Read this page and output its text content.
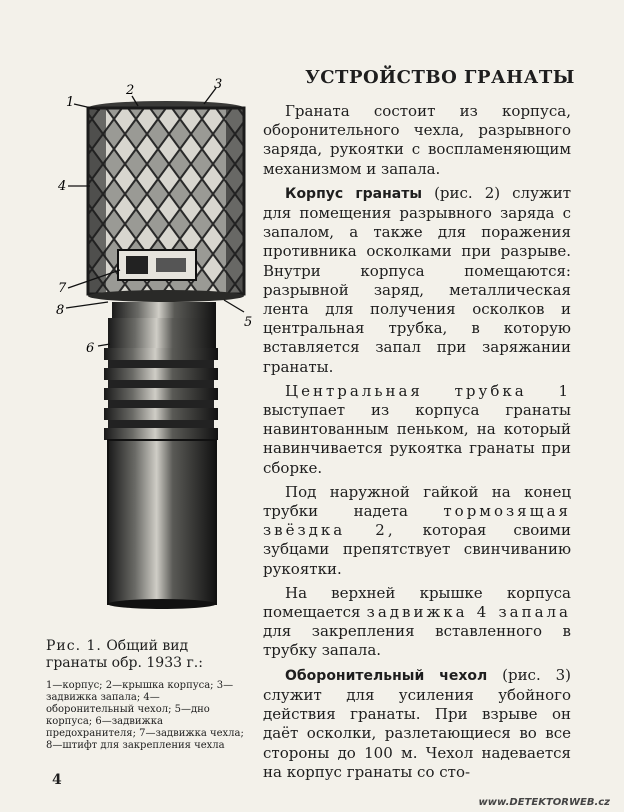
1
2	3
4
5
6
7
8
Рис. 1. Общий вид гранаты обр. 1933 г.:
1—корпус; 2—крышка корпуса; 3—задвижка запала; 4—оборонительный чехол; 5—дно корпуса; 6—задвижка предохранителя; 7—задвижка чехла; 8—штифт для закрепления чехла
4
УСТРОЙСТВО ГРАНАТЫ

Граната состоит из корпуса, оборонительного чехла, разрывного заряда, рукоятки с воспламеняющим механизмом и запала.

Корпус гранаты (рис. 2) служит для помещения разрывного заряда с запалом, а также для поражения противника осколками при разрыве. Внутри корпуса помещаются: разрывной заряд, металлическая лента для получения осколков и центральная трубка, в которую вставляется запал при заряжании гранаты.

Центральная трубка 1 выступает из корпуса гранаты навинтованным пеньком, на который навинчивается рукоятка гранаты при сборке.

Под наружной гайкой на конец трубки надета тормозящая звёздка 2, которая своими зубцами препятствует свинчиванию рукоятки.

На верхней крышке корпуса помещается задвижка 4 запала для закрепления вставленного в трубку запала.

Оборонительный чехол (рис. 3) служит для усиления убойного действия гранаты. При взрыве он даёт осколки, разлетающиеся во все стороны до 100 м. Чехол надевается на корпус гранаты со сто-

www.DETEKTORWEB.cz
